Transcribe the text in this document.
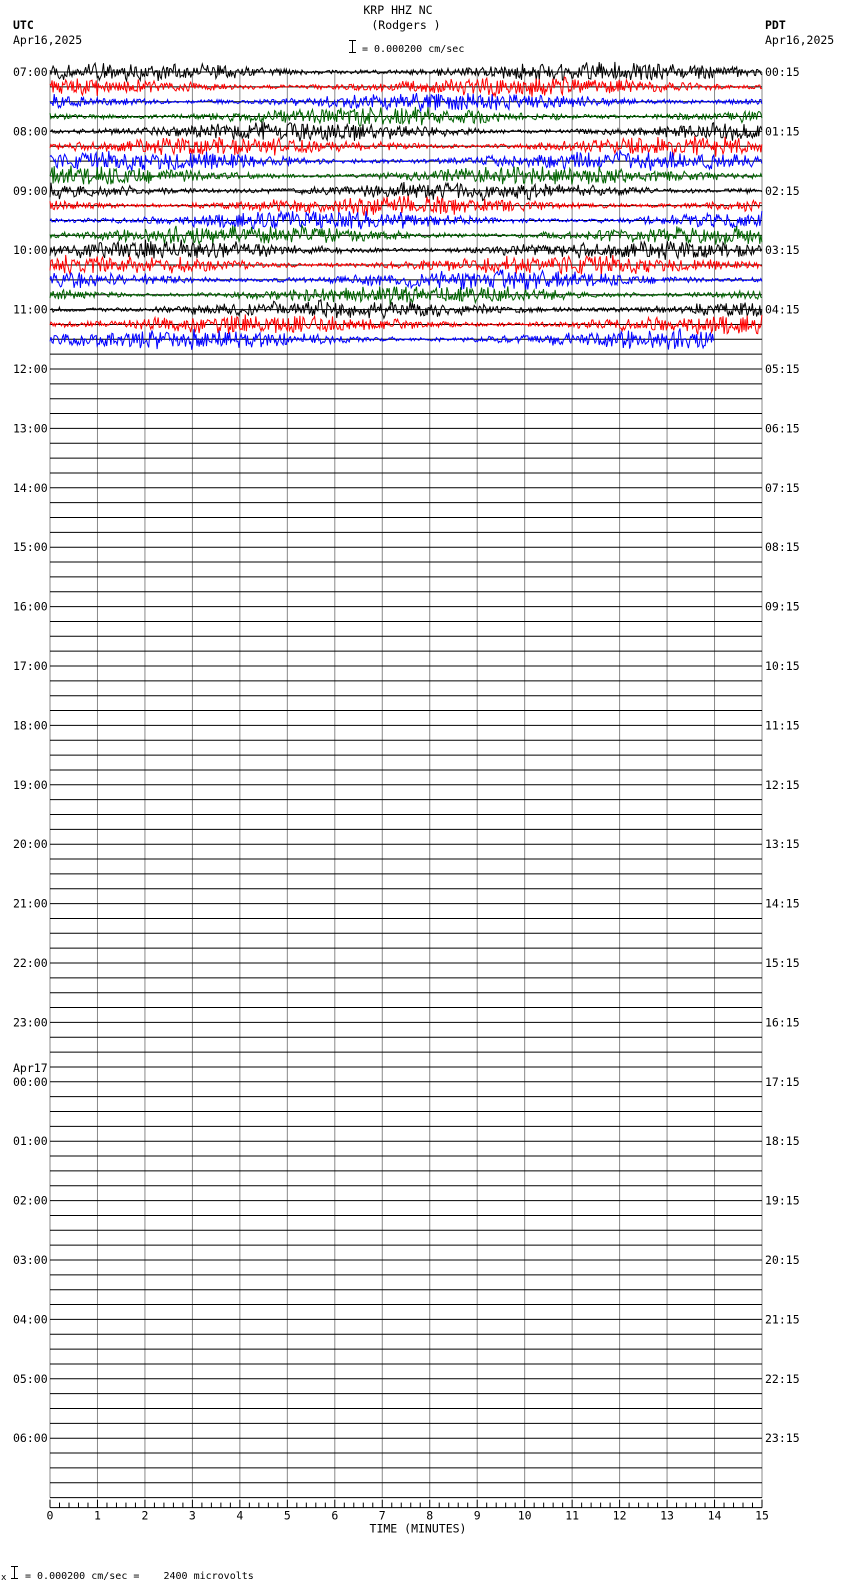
KRP HHZ NC
(Rodgers )
UTC
Apr16,2025
PDT
Apr16,2025
= 0.000200 cm/sec
07:00
08:00
09:00
10:00
11:00
12:00
13:00
14:00
15:00
16:00
17:00
18:00
19:00
20:00
21:00
22:00
23:00
00:00
01:00
02:00
03:00
04:00
05:00
06:00
00:15
01:15
02:15
03:15
04:15
05:15
06:15
07:15
08:15
09:15
10:15
11:15
12:15
13:15
14:15
15:15
16:15
17:15
18:15
19:15
20:15
21:15
22:15
23:15
Apr17
0	1	2	3	4	5	6	7	8	9	10	11	12	13	14	15
TIME (MINUTES)
x = 0.000200 cm/sec =    2400 microvolts
